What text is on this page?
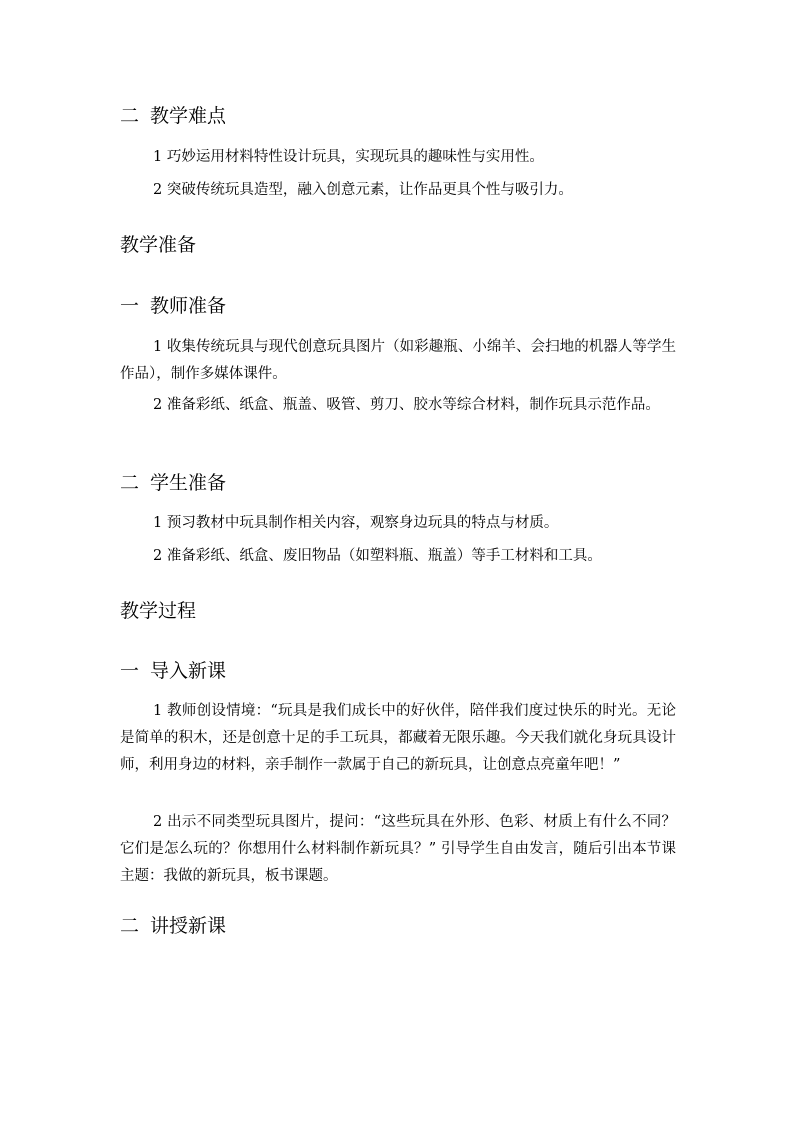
二 教学难点

1 巧妙运用材料特性设计玩具，实现玩具的趣味性与实用性。

2 突破传统玩具造型，融入创意元素，让作品更具个性与吸引力。

教学准备
一 教师准备

1 收集传统玩具与现代创意玩具图片（如彩趣瓶、小绵羊、会扫地的机器人等学生作品），制作多媒体课件。

2 准备彩纸、纸盒、瓶盖、吸管、剪刀、胶水等综合材料，制作玩具示范作品。

二 学生准备

1 预习教材中玩具制作相关内容，观察身边玩具的特点与材质。

2 准备彩纸、纸盒、废旧物品（如塑料瓶、瓶盖）等手工材料和工具。

教学过程
一 导入新课

1 教师创设情境：“玩具是我们成长中的好伙伴，陪伴我们度过快乐的时光。无论是简单的积木，还是创意十足的手工玩具，都藏着无限乐趣。今天我们就化身玩具设计师，利用身边的材料，亲手制作一款属于自己的新玩具，让创意点亮童年吧！”

2 出示不同类型玩具图片，提问：“这些玩具在外形、色彩、材质上有什么不同？它们是怎么玩的？你想用什么材料制作新玩具？” 引导学生自由发言，随后引出本节课主题：我做的新玩具，板书课题。

二 讲授新课
